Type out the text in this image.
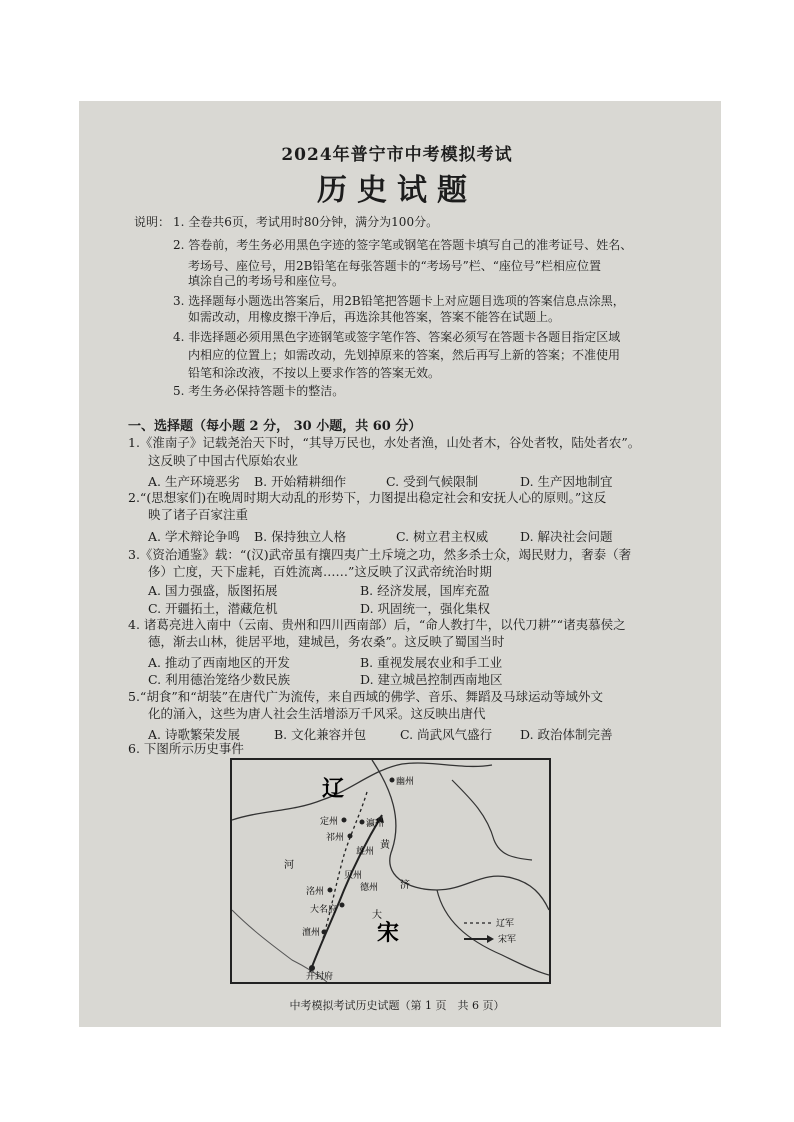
2024年普宁市中考模拟考试
历史试题
说明： 1. 全卷共6页，考试用时80分钟，满分为100分。
2. 答卷前，考生务必用黑色字迹的签字笔或钢笔在答题卡填写自己的准考证号、姓名、
考场号、座位号，用2B铅笔在每张答题卡的“考场号”栏、“座位号”栏相应位置
填涂自己的考场号和座位号。
3. 选择题每小题选出答案后，用2B铅笔把答题卡上对应题目选项的答案信息点涂黑，
如需改动，用橡皮擦干净后，再选涂其他答案，答案不能答在试题上。
4. 非选择题必须用黑色字迹钢笔或签字笔作答、答案必须写在答题卡各题目指定区域
内相应的位置上；如需改动，先划掉原来的答案，然后再写上新的答案；不准使用
铅笔和涂改液，不按以上要求作答的答案无效。
5. 考生务必保持答题卡的整洁。
一、选择题（每小题 2 分， 30 小题，共 60 分）
1.《淮南子》记载尧治天下时，“其导万民也，水处者渔，山处者木，谷处者牧，陆处者农”。
这反映了中国古代原始农业
A. 生产环境恶劣 B. 开始精耕细作	C. 受到气候限制	D. 生产因地制宜
2.“(思想家们)在晚周时期大动乱的形势下，力图提出稳定社会和安抚人心的原则。”这反
映了诸子百家注重
A. 学术辩论争鸣 B. 保持独立人格	C. 树立君主权威	D. 解决社会问题
3.《资治通鉴》载：“(汉)武帝虽有攘四夷广土斥境之功，然多杀士众，竭民财力，奢泰（奢
侈）亡度，天下虚耗，百姓流离……”这反映了汉武帝统治时期
A. 国力强盛，版图拓展	B. 经济发展，国库充盈
C. 开疆拓土，潜藏危机	D. 巩固统一，强化集权
4. 诸葛亮进入南中（云南、贵州和四川西南部）后，“命人教打牛，以代刀耕”“诸夷慕侯之
德，渐去山林，徙居平地，建城邑，务农桑”。这反映了蜀国当时
A. 推动了西南地区的开发	B. 重视发展农业和手工业
C. 利用德治笼络少数民族	D. 建立城邑控制西南地区
5.“胡食”和“胡装”在唐代广为流传，来自西域的佛学、音乐、舞蹈及马球运动等域外文
化的涌入，这些为唐人社会生活增添万千风采。这反映出唐代
A. 诗歌繁荣发展	B. 文化兼容并包	C. 尚武风气盛行 D. 政治体制完善
6. 下图所示历史事件
辽
宋
幽州
定州	瀛州
祁州
雄州
贝州
洺州	德州
大名府
澶州
开封府
黄
济
大
河
辽军
宋军
中考模拟考试历史试题（第 1 页　共 6 页）
